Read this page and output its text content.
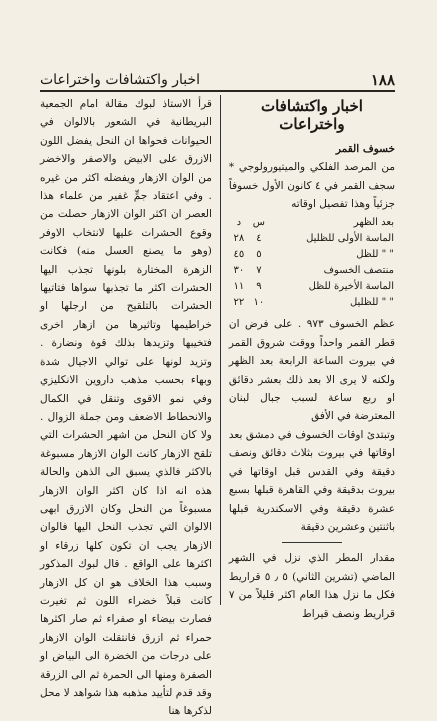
١٨٨
اخبار واكتشافات واختراعات
اخبار واكتشافات واختراعات
خسوف القمر

من المرصد الفلكي والميتيورولوجي * سجف القمر في ٤ كانون الأول خسوفاً جزئياً وهذا تفصيل اوقاته

بعد الظهر	س	د
الماسة الأولى للظليل	٤	٢٨
" " للظل	٥	٤٥
منتصف الخسوف	٧	٣٠
الماسة الأخيرة للظل	٩	١١
" " للظليل	١٠	٢٢

عظم الخسوف ٩٧٣ . على فرض ان قطر القمر واحداً ووقت شروق القمر في بيروت الساعة الرابعة بعد الظهر ولكنه لا يرى الا بعد ذلك بعشر دقائق او ربع ساعة لسبب جبال لبنان المعترضة في الأفق

وتبتدئ اوقات الخسوف في دمشق بعد اوقاتها في بيروت بثلاث دقائق ونصف دقيقة وفي القدس قبل اوقاتها في بيروت بدقيقة وفي القاهرة قبلها بسبع عشرة دقيقة وفي الاسكندرية قبلها باثنتين وعشرين دقيقة

مقدار المطر الذي نزل في الشهر الماضي (تشرين الثاني) ٥ ٫ ٥ قراريط فكل ما نزل هذا العام اكثر قليلاً من ٧ قراريط ونصف قيراط

قرأ الاستاذ لبوك مقالة امام الجمعية البريطانية في الشعور بالالوان في الحيوانات فحواها ان النحل يفضل اللون الازرق على الابيض والاصفر والاخضر من الوان الازهار ويفضله اكثر من غيره . وفي اعتقاد جمٍّ غفير من علماء هذا العصر ان اكثر الوان الازهار حصلت من وقوع الحشرات عليها لانتخاب الاوفر (وهو ما يصنع العسل منه) فكانت الزهرة المختارة بلونها تجذب اليها الحشرات اكثر ما تجذبها سواها فتاتيها الحشرات بالتلقيح من ارجلها او خراطيمها وتاثيرها من ازهار اخرى فتخيبها وتزيدها بذلك قوة ونضارة . وتزيد لونها على توالي الاجيال شدة وبهاء بحسب مذهب داروين الانكليزي وفي نمو الاقوى وتنقل في الكمال والانحطاط الاضعف ومن جملة الزوال . ولا كان النحل من اشهر الحشرات التي تلقح الازهار كانت الوان الازهار مسبوغة بالاكثر فالذي يسبق الى الذهن والحالة هذه انه اذا كان اكثر الوان الازهار مسبوغاً من النحل وكان الازرق ابهى الالوان التي تجذب النحل اليها فالوان الازهار يجب ان تكون كلها زرقاء او اكثرها على الواقع . قال لبوك المذكور وسبب هذا الخلاف هو ان كل الازهار كانت قبلاً خضراء اللون ثم تغيرت فصارت بيضاء او صفراء ثم صار اكثرها حمراء ثم ازرق فانتقلت الوان الازهار على درجات من الخضرة الى البياض او الصفرة ومنها الى الحمرة ثم الى الزرقة وقد قدم لتأييد مذهبه هذا شواهد لا محل لذكرها هنا
